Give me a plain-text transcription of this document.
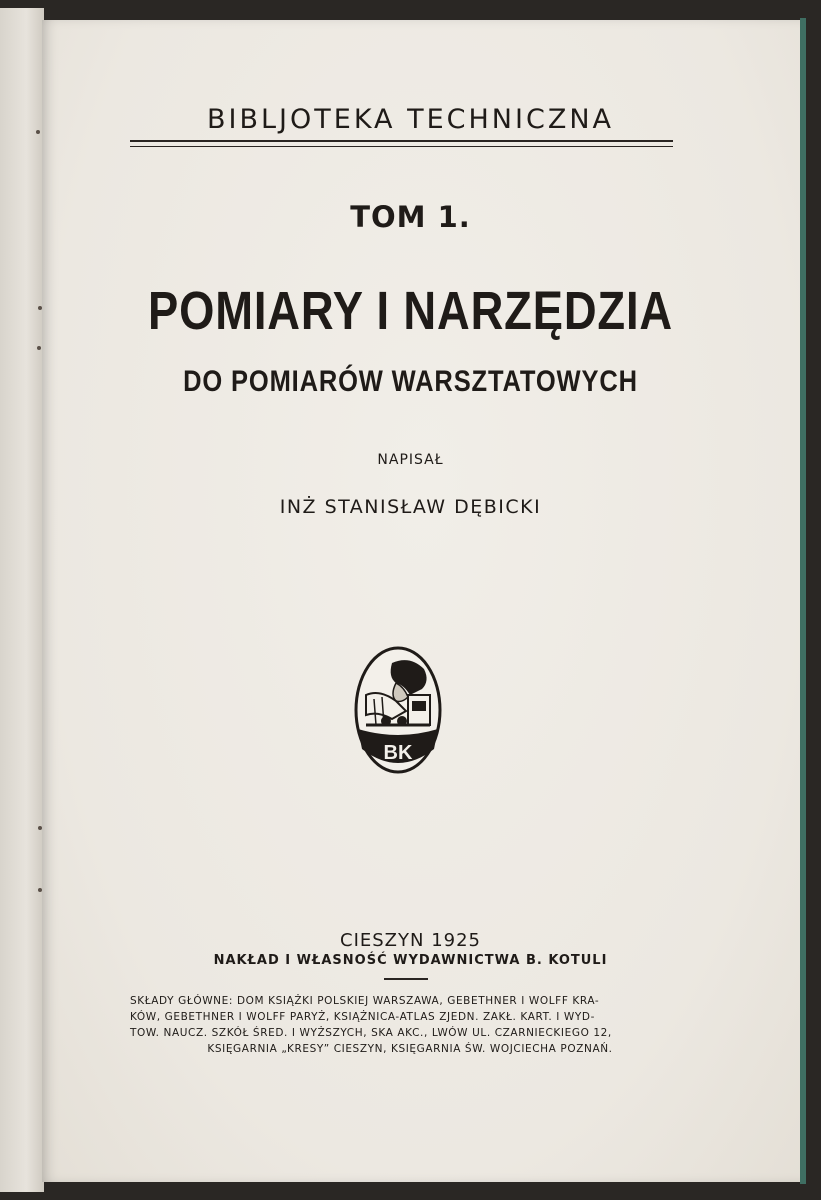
BIBLJOTEKA TECHNICZNA
TOM 1.
POMIARY I NARZĘDZIA
DO POMIARÓW WARSZTATOWYCH
NAPISAŁ
INŻ STANISŁAW DĘBICKI
BK
CIESZYN 1925
NAKŁAD I WŁASNOŚĆ WYDAWNICTWA B. KOTULI
SKŁADY GŁÓWNE: DOM KSIĄŻKI POLSKIEJ WARSZAWA, GEBETHNER I WOLFF KRA-
KÓW, GEBETHNER I WOLFF PARYŻ, KSIĄŻNICA-ATLAS ZJEDN. ZAKŁ. KART. I WYD-
TOW. NAUCZ. SZKÓŁ ŚRED. I WYŻSZYCH, SKA AKC., LWÓW UL. CZARNIECKIEGO 12,
KSIĘGARNIA „KRESY” CIESZYN, KSIĘGARNIA ŚW. WOJCIECHA POZNAŃ.
